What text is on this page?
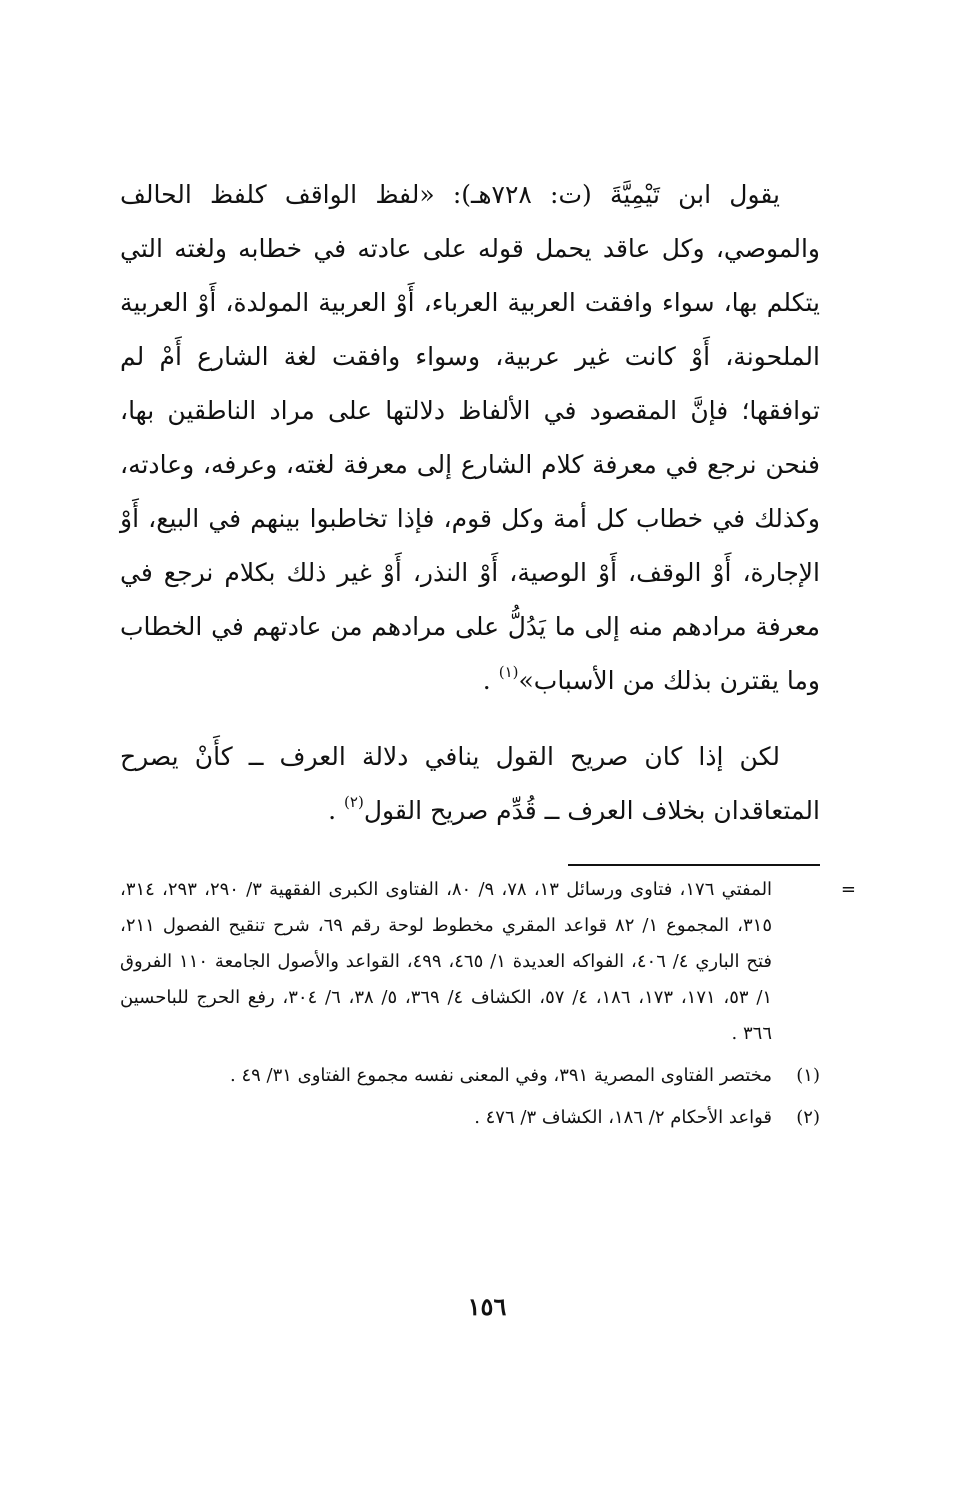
يقول ابن تَيْمِيَّةَ (ت: ٧٢٨هـ): «لفظ الواقف كلفظ الحالف والموصي، وكل عاقد يحمل قوله على عادته في خطابه ولغته التي يتكلم بها، سواء وافقت العربية العرباء، أَوْ العربية المولدة، أَوْ العربية الملحونة، أَوْ كانت غير عربية، وسواء وافقت لغة الشارع أَمْ لم توافقها؛ فإنَّ المقصود في الألفاظ دلالتها على مراد الناطقين بها، فنحن نرجع في معرفة كلام الشارع إلى معرفة لغته، وعرفه، وعادته، وكذلك في خطاب كل أمة وكل قوم، فإذا تخاطبوا بينهم في البيع، أَوْ الإجارة، أَوْ الوقف، أَوْ الوصية، أَوْ النذر، أَوْ غير ذلك بكلام نرجع في معرفة مرادهم منه إلى ما يَدُلُّ على مرادهم من عادتهم في الخطاب وما يقترن بذلك من الأسباب»$^{(١)}$ .

لكن إذا كان صريح القول ينافي دلالة العرف ــ كأَنْ يصرح المتعاقدان بخلاف العرف ــ قُدِّم صريح القول$^{(٢)}$ .

=
المفتي ١٧٦، فتاوى ورسائل ١٣، ٧٨، ٩/ ٨٠، الفتاوى الكبرى الفقهية ٣/ ٢٩٠، ٢٩٣، ٣١٤، ٣١٥، المجموع ١/ ٨٢ قواعد المقري مخطوط لوحة رقم ٦٩، شرح تنقيح الفصول ٢١١، فتح الباري ٤/ ٤٠٦، الفواكه العديدة ١/ ٤٦٥، ٤٩٩، القواعد والأصول الجامعة ١١٠ الفروق ١/ ٥٣، ١٧١، ١٧٣، ١٨٦، ٤/ ٥٧، الكشاف ٤/ ٣٦٩، ٥/ ٣٨، ٦/ ٣٠٤، رفع الحرج للباحسين ٣٦٦ .

(١)
مختصر الفتاوى المصرية ٣٩١، وفي المعنى نفسه مجموع الفتاوى ٣١/ ٤٩ .

(٢)
قواعد الأحكام ٢/ ١٨٦، الكشاف ٣/ ٤٧٦ .

١٥٦
